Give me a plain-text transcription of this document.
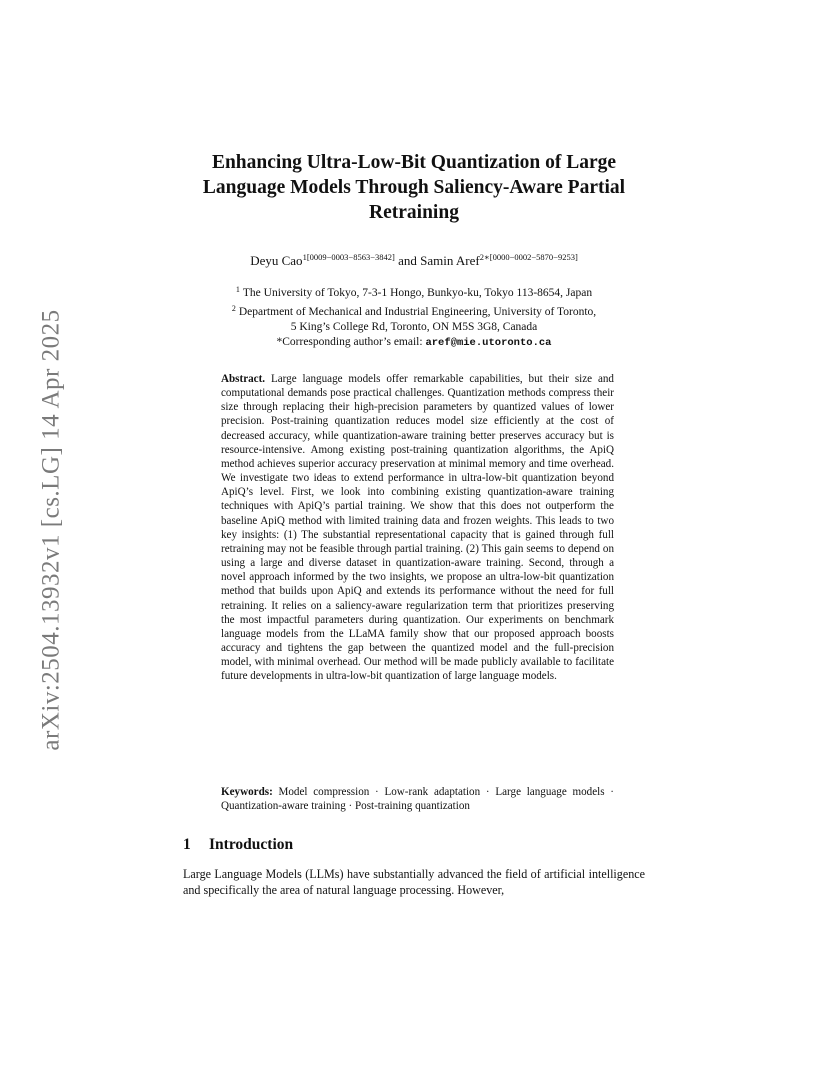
arXiv:2504.13932v1 [cs.LG] 14 Apr 2025
Enhancing Ultra-Low-Bit Quantization of Large Language Models Through Saliency-Aware Partial Retraining
Deyu Cao$^{1[0009-0003-8563-3842]}$ and Samin Aref$^{2∗[0000-0002-5870-9253]}$
$^1$ The University of Tokyo, 7-3-1 Hongo, Bunkyo-ku, Tokyo 113-8654, Japan
$^2$ Department of Mechanical and Industrial Engineering, University of Toronto,
5 King’s College Rd, Toronto, ON M5S 3G8, Canada
*Corresponding author’s email: aref@mie.utoronto.ca
Abstract. Large language models offer remarkable capabilities, but their size and computational demands pose practical challenges. Quantization methods compress their size through replacing their high-precision parameters by quantized values of lower precision. Post-training quantization reduces model size efficiently at the cost of decreased accuracy, while quantization-aware training better preserves accuracy but is resource-intensive. Among existing post-training quantization algorithms, the ApiQ method achieves superior accuracy preservation at minimal memory and time overhead. We investigate two ideas to extend performance in ultra-low-bit quantization beyond ApiQ’s level. First, we look into combining existing quantization-aware training techniques with ApiQ’s partial training. We show that this does not outperform the baseline ApiQ method with limited training data and frozen weights. This leads to two key insights: (1) The substantial representational capacity that is gained through full retraining may not be feasible through partial training. (2) This gain seems to depend on using a large and diverse dataset in quantization-aware training. Second, through a novel approach informed by the two insights, we propose an ultra-low-bit quantization method that builds upon ApiQ and extends its performance without the need for full retraining. It relies on a saliency-aware regularization term that prioritizes preserving the most impactful parameters during quantization. Our experiments on benchmark language models from the LLaMA family show that our proposed approach boosts accuracy and tightens the gap between the quantized model and the full-precision model, with minimal overhead. Our method will be made publicly available to facilitate future developments in ultra-low-bit quantization of large language models.
Keywords: Model compression · Low-rank adaptation · Large language models · Quantization-aware training · Post-training quantization
1 Introduction
Large Language Models (LLMs) have substantially advanced the field of artificial intelligence and specifically the area of natural language processing. However,
